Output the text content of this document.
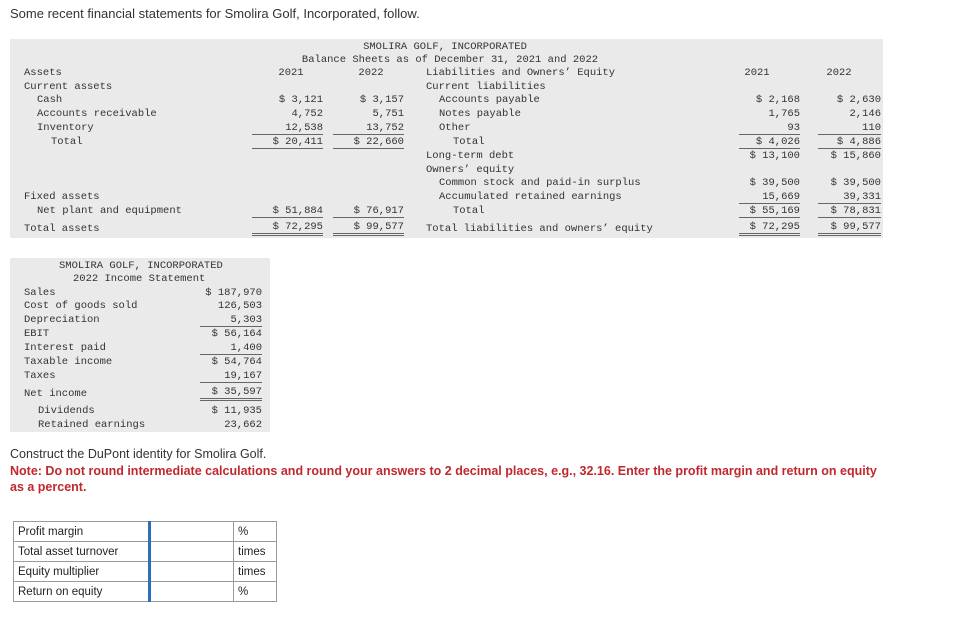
Some recent financial statements for Smolira Golf, Incorporated, follow.
SMOLIRA GOLF, INCORPORATED
Balance Sheets as of December 31, 2021 and 2022
Assets	2021	2022	Liabilities and Owners’ Equity	2021	2022
Current assets
Cash	$ 3,121	$ 3,157
Accounts receivable	4,752	5,751
Inventory	12,538	13,752
Total	$ 20,411	$ 22,660
Fixed assets
Net plant and equipment	$ 51,884	$ 76,917
Total assets	$ 72,295	$ 99,577
Current liabilities
Accounts payable	$ 2,168	$ 2,630
Notes payable	1,765	2,146
Other	93	110
Total	$ 4,026	$ 4,886
Long-term debt	$ 13,100	$ 15,860
Owners’ equity
Common stock and paid-in surplus	$ 39,500	$ 39,500
Accumulated retained earnings	15,669	39,331
Total	$ 55,169	$ 78,831
Total liabilities and owners’ equity	$ 72,295	$ 99,577
SMOLIRA GOLF, INCORPORATED
2022 Income Statement
Sales	$ 187,970
Cost of goods sold	126,503
Depreciation	5,303
EBIT	$ 56,164
Interest paid	1,400
Taxable income	$ 54,764
Taxes	19,167
Net income	$ 35,597
Dividends	$ 11,935
Retained earnings	23,662
Construct the DuPont identity for Smolira Golf.
Note: Do not round intermediate calculations and round your answers to 2 decimal places, e.g., 32.16. Enter the profit margin and return on equity as a percent.
Profit margin		%
Total asset turnover		times
Equity multiplier		times
Return on equity		%
